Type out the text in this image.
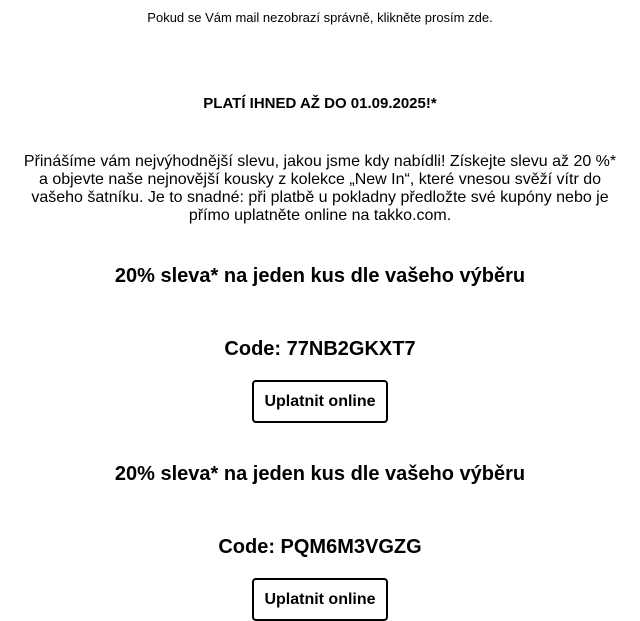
Pokud se Vám mail nezobrazí správně, klikněte prosím zde.
PLATÍ IHNED AŽ DO 01.09.2025!*
Přinášíme vám nejvýhodnější slevu, jakou jsme kdy nabídli! Získejte slevu až 20 %* a objevte naše nejnovější kousky z kolekce „New In“, které vnesou svěží vítr do vašeho šatníku. Je to snadné: při platbě u pokladny předložte své kupóny nebo je přímo uplatněte online na takko.com.
20% sleva* na jeden kus dle vašeho výběru
Code: 77NB2GKXT7
Uplatnit online
20% sleva* na jeden kus dle vašeho výběru
Code: PQM6M3VGZG
Uplatnit online
